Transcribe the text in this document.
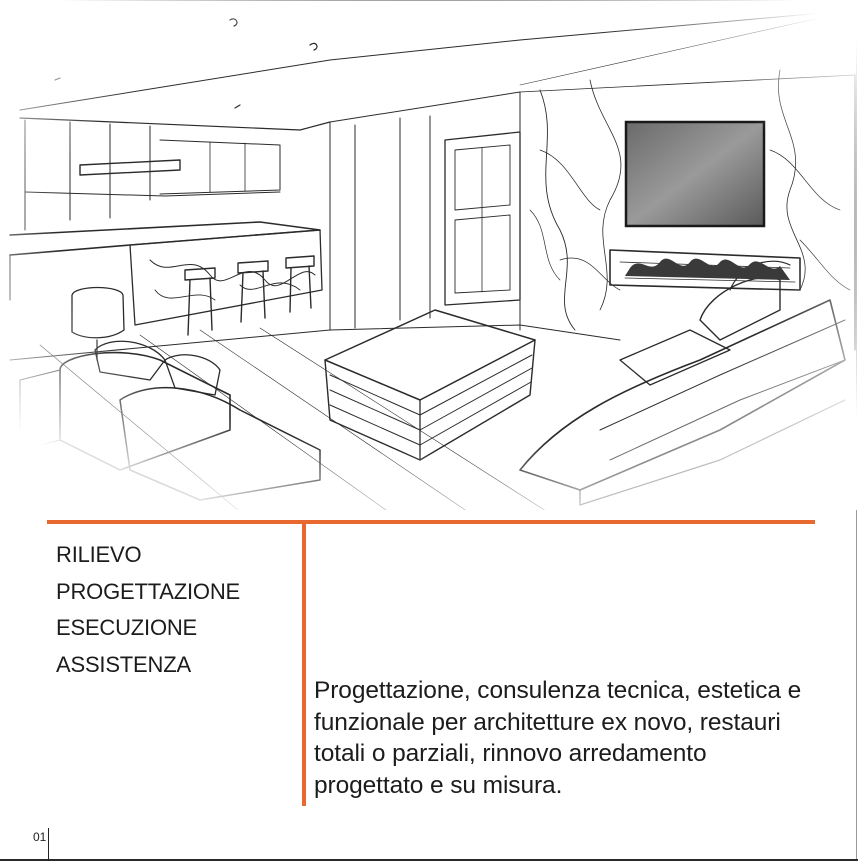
RILIEVO
PROGETTAZIONE
ESECUZIONE
ASSISTENZA

Progettazione, consulenza tecnica, estetica e funzionale per architetture ex novo, restauri totali o parziali, rinnovo arredamento progettato e su misura.

01
